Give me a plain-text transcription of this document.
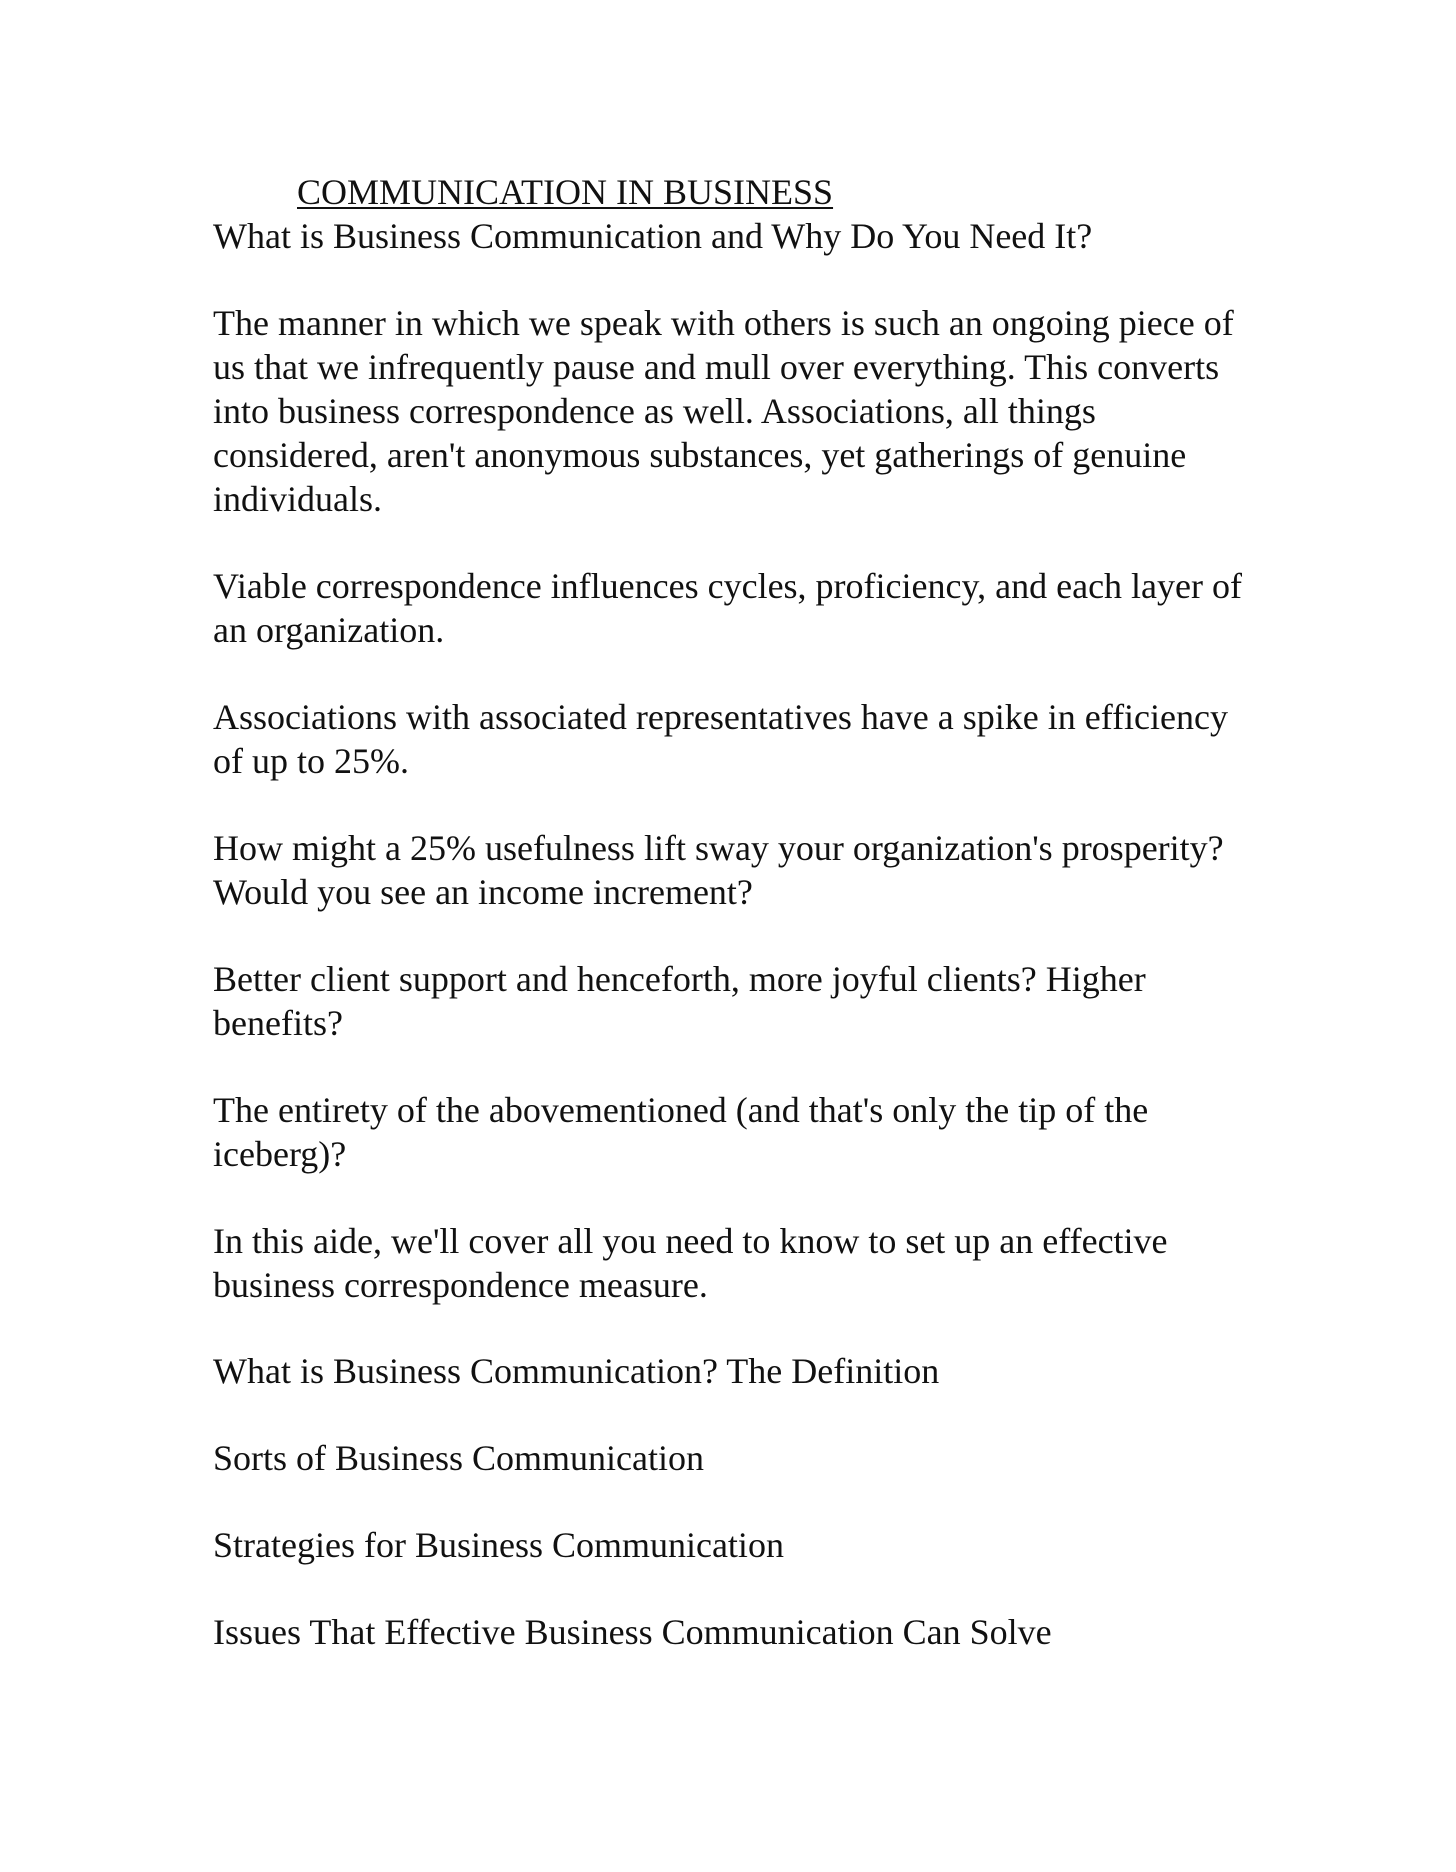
COMMUNICATION IN BUSINESS
What is Business Communication and Why Do You Need It?

The manner in which we speak with others is such an ongoing piece of us that we infrequently pause and mull over everything. This converts into business correspondence as well. Associations, all things considered, aren't anonymous substances, yet gatherings of genuine individuals.

Viable correspondence influences cycles, proficiency, and each layer of an organization.

Associations with associated representatives have a spike in efficiency of up to 25%.

How might a 25% usefulness lift sway your organization's prosperity? Would you see an income increment?

Better client support and henceforth, more joyful clients? Higher benefits?

The entirety of the abovementioned (and that's only the tip of the iceberg)?

In this aide, we'll cover all you need to know to set up an effective business correspondence measure.

What is Business Communication? The Definition

Sorts of Business Communication

Strategies for Business Communication

Issues That Effective Business Communication Can Solve
